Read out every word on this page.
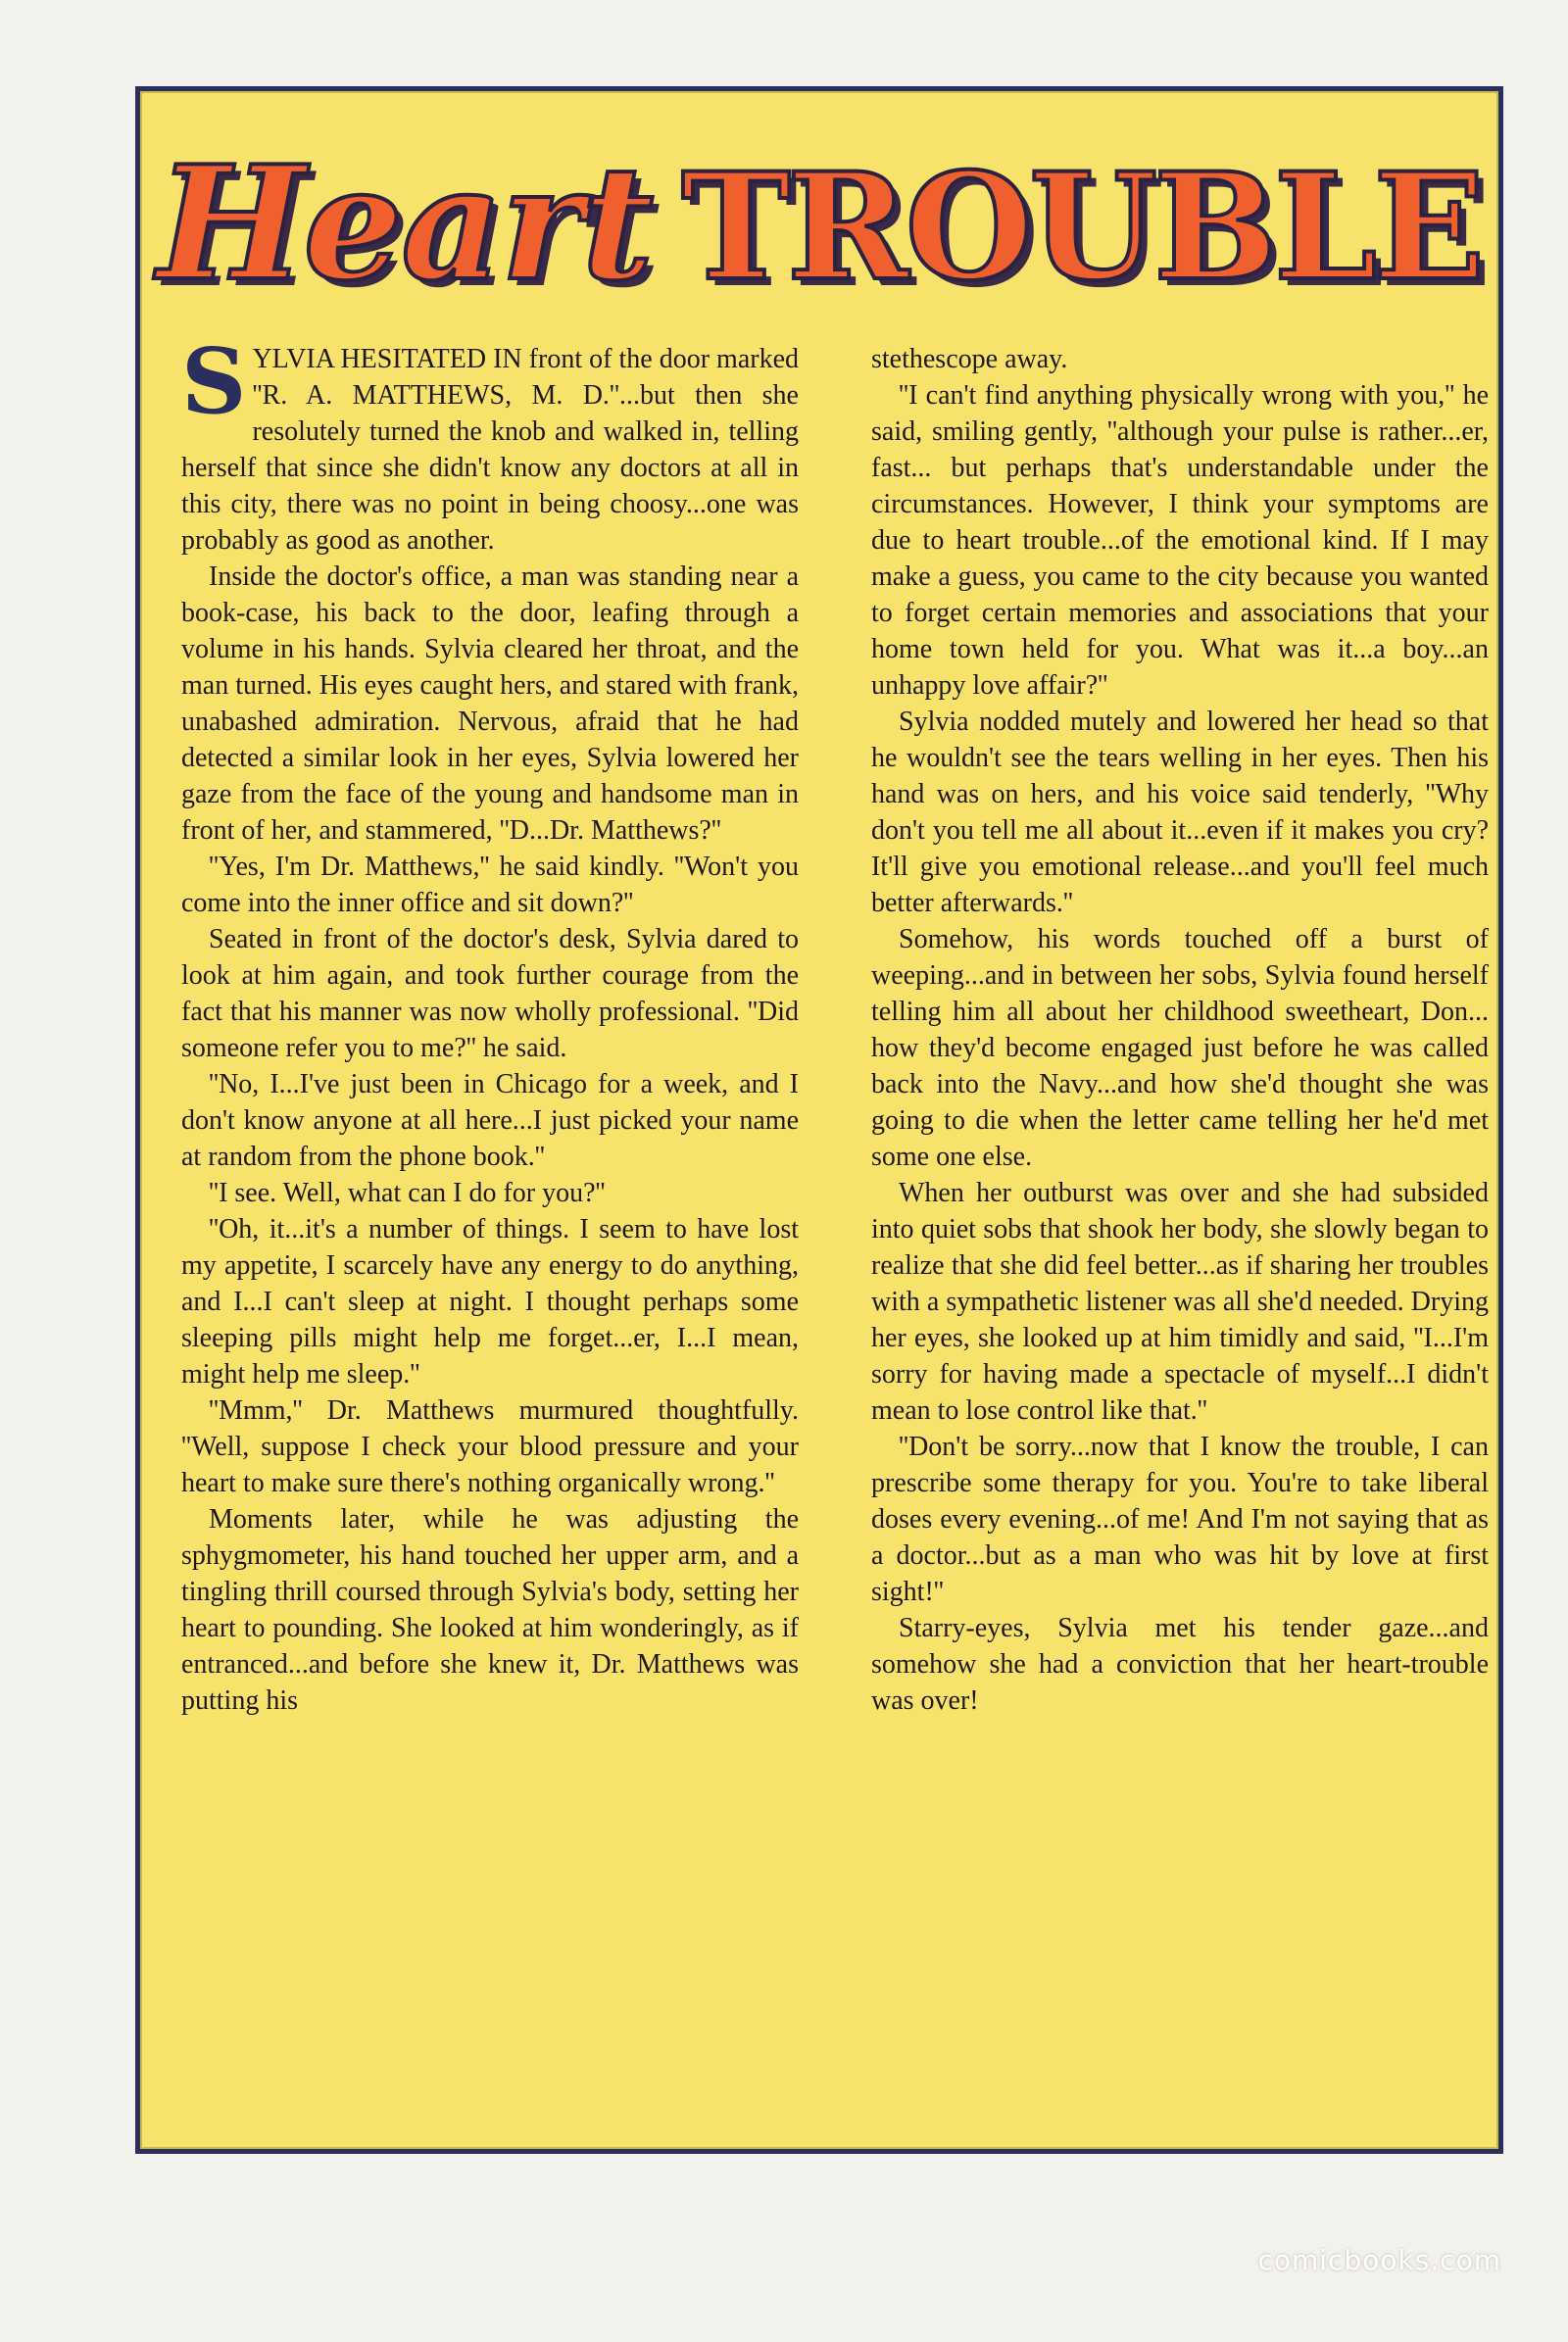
Heart TROUBLE

SYLVIA HESITATED IN front of the door marked ''R. A. MATTHEWS, M. D.''...but then she resolutely turned the knob and walked in, telling herself that since she didn't know any doctors at all in this city, there was no point in being choosy...one was probably as good as another.

Inside the doctor's office, a man was standing near a book-case, his back to the door, leafing through a volume in his hands. Sylvia cleared her throat, and the man turned. His eyes caught hers, and stared with frank, unabashed admiration. Nervous, afraid that he had detected a similar look in her eyes, Sylvia lowered her gaze from the face of the young and handsome man in front of her, and stammered, ''D...Dr. Matthews?''

''Yes, I'm Dr. Matthews,'' he said kindly. ''Won't you come into the inner office and sit down?''

Seated in front of the doctor's desk, Sylvia dared to look at him again, and took further courage from the fact that his manner was now wholly professional. ''Did someone refer you to me?'' he said.

''No, I...I've just been in Chicago for a week, and I don't know anyone at all here...I just picked your name at random from the phone book.''

''I see. Well, what can I do for you?''

''Oh, it...it's a number of things. I seem to have lost my appetite, I scarcely have any energy to do anything, and I...I can't sleep at night. I thought perhaps some sleeping pills might help me forget...er, I...I mean, might help me sleep.''

''Mmm,'' Dr. Matthews murmured thoughtfully. ''Well, suppose I check your blood pressure and your heart to make sure there's nothing organically wrong.''

Moments later, while he was adjusting the sphygmometer, his hand touched her upper arm, and a tingling thrill coursed through Sylvia's body, setting her heart to pounding. She looked at him wonderingly, as if entranced...and before she knew it, Dr. Matthews was putting his

stethescope away.

''I can't find anything physically wrong with you,'' he said, smiling gently, ''although your pulse is rather...er, fast... but perhaps that's understandable under the circumstances. However, I think your symptoms are due to heart trouble...of the emotional kind. If I may make a guess, you came to the city because you wanted to forget certain memories and associations that your home town held for you. What was it...a boy...an unhappy love affair?''

Sylvia nodded mutely and lowered her head so that he wouldn't see the tears welling in her eyes. Then his hand was on hers, and his voice said tenderly, ''Why don't you tell me all about it...even if it makes you cry? It'll give you emotional release...and you'll feel much better afterwards.''

Somehow, his words touched off a burst of weeping...and in between her sobs, Sylvia found herself telling him all about her childhood sweetheart, Don... how they'd become engaged just before he was called back into the Navy...and how she'd thought she was going to die when the letter came telling her he'd met some one else.

When her outburst was over and she had subsided into quiet sobs that shook her body, she slowly began to realize that she did feel better...as if sharing her troubles with a sympathetic listener was all she'd needed. Drying her eyes, she looked up at him timidly and said, ''I...I'm sorry for having made a spectacle of myself...I didn't mean to lose control like that.''

''Don't be sorry...now that I know the trouble, I can prescribe some therapy for you. You're to take liberal doses every evening...of me! And I'm not saying that as a doctor...but as a man who was hit by love at first sight!''

Starry-eyes, Sylvia met his tender gaze...and somehow she had a conviction that her heart-trouble was over!

comicbooks.com
